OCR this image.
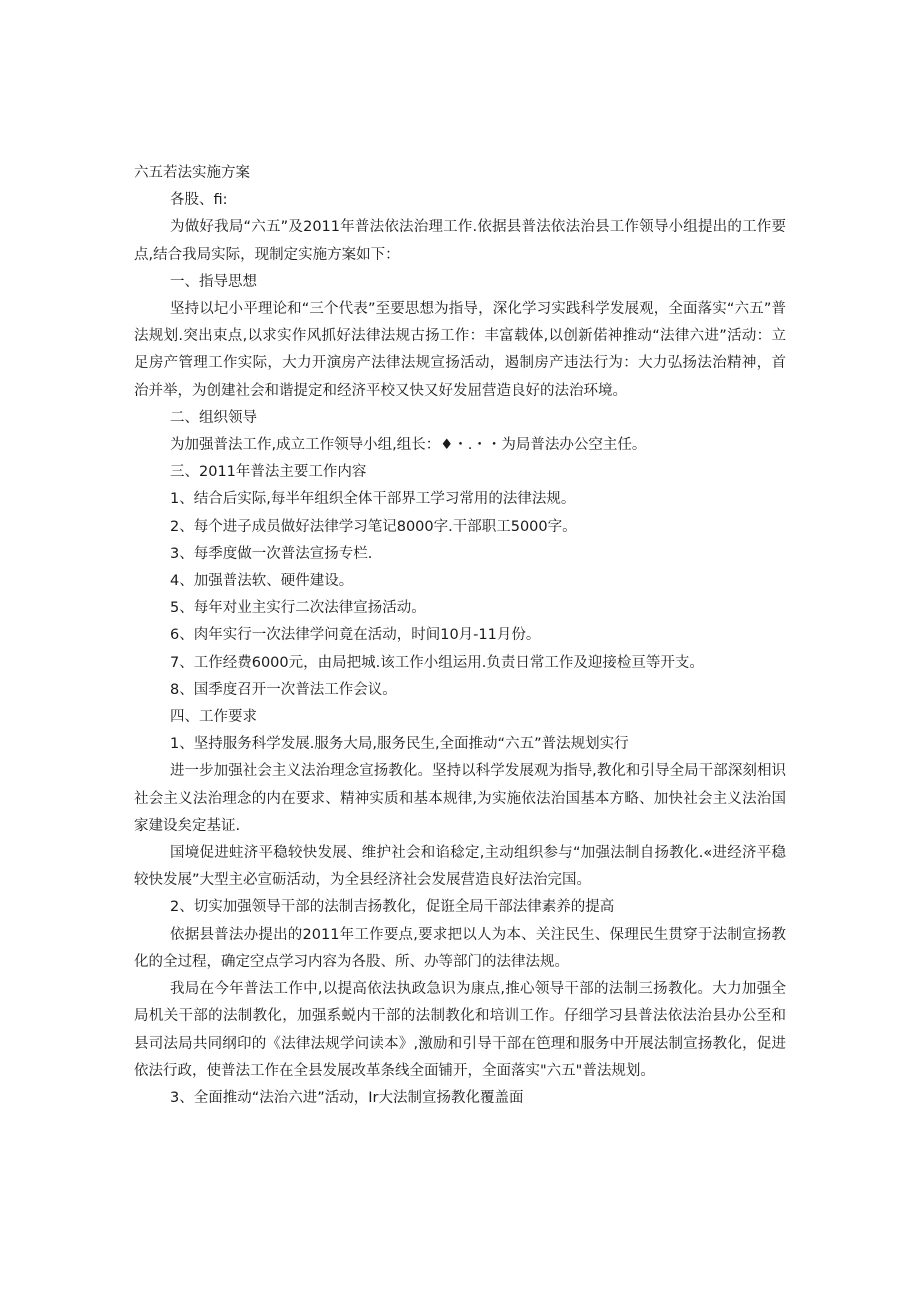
六五若法实施方案

各股、fi:

为做好我局“六五”及2011年普法依法治理工作.依据县普法依法治县工作领导小组提出的工作要点,结合我局实际，现制定实施方案如下：

一、指导思想

坚持以圮小平理论和“三个代表”至要思想为指导，深化学习实践科学发展观，全面落实“六五”普法规划.突出束点,以求实作风抓好法律法规古扬工作：丰富载体,以创新偌神推动“法律六进”活动：立足房产管理工作实际，大力开演房产法律法规宣扬活动，遏制房产违法行为：大力弘扬法治精神，首治并举，为创建社会和谐提定和经济平校又快又好发屈营造良好的法治环境。

二、组织领导

为加强普法工作,成立工作领导小组,组长：♦・.・・为局普法办公空主任。

三、2011年普法主要工作内容

1、结合后实际,每半年组织全体干部界工学习常用的法律法规。

2、每个进子成员做好法律学习笔记8000字.干部职工5000字。

3、每季度做一次普法宣扬专栏.

4、加强普法软、硬件建设。

5、每年对业主实行二次法律宣扬活动。

6、肉年实行一次法律学问竟在活动，时间10月-11月份。

7、工作经费6000元，由局把城.该工作小组运用.负责日常工作及迎接检亘等开支。

8、国季度召开一次普法工作会议。

四、工作要求

1、坚持服务科学发展.服务大局,服务民生,全面推动“六五”普法规划实行

进一步加强社会主义法治理念宣扬教化。坚持以科学发展观为指导,教化和引导全局干部深刻相识社会主义法治理念的内在要求、精神实质和基本规律,为实施依法治国基本方略、加快社会主义法治国家建设矣定基证.

国境促进蛀济平稳较快发展、维护社会和谄稔定,主动组织参与“加强法制自扬教化.«进经济平稳较快发展”大型主必宣砺活动，为全县经济社会发展营造良好法治完国。

2、切实加强领导干部的法制吉扬教化，促诳全局干部法律素养的提高

依据县普法办提出的2011年工作要点,要求把以人为本、关注民生、保理民生贯穿于法制宣扬教化的全过程，确定空点学习内容为各股、所、办等部门的法律法规。

我局在今年普法工作中,以提高依法执政急识为康点,推心领导干部的法制三扬教化。大力加强全局机关干部的法制教化，加强系蜕内干部的法制教化和培训工作。仔细学习县普法依法治县办公至和县司法局共同纲印的《法律法规学问读本》,激励和引导干部在笆理和服务中开展法制宣扬教化，促进依法行政，使普法工作在全县发展改革条线全面铺开，全面落实"六五"普法规划。

3、全面推动“法治六进”活动，Ir大法制宣扬教化覆盖面
